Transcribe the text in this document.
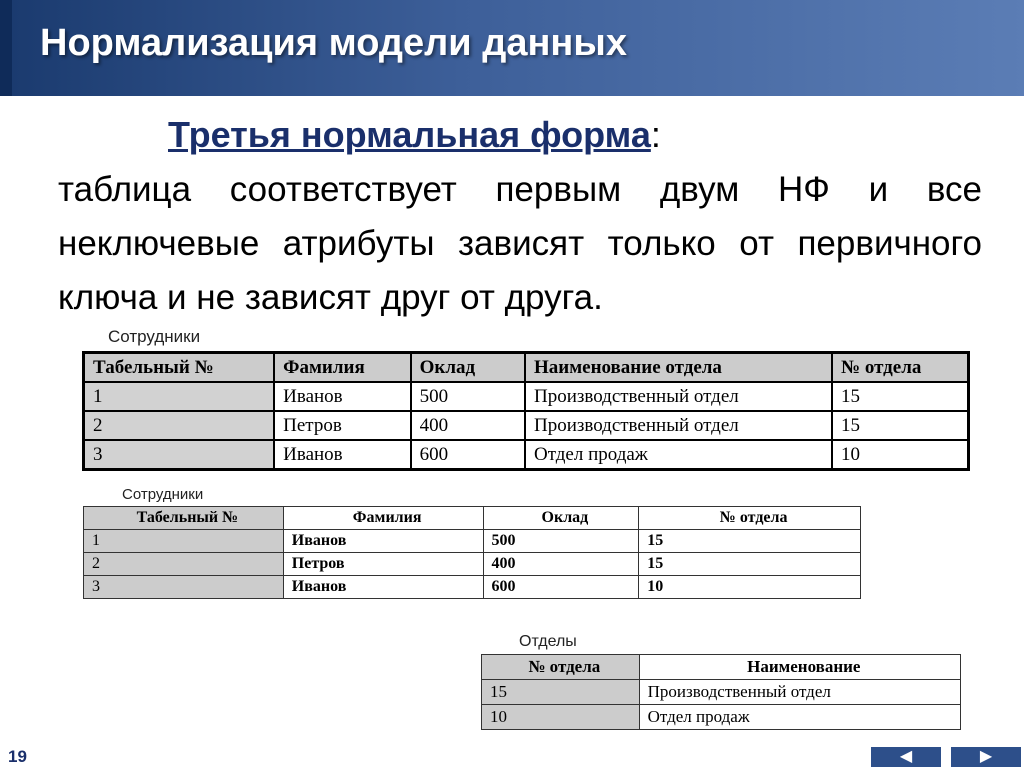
Нормализация модели данных
Третья нормальная форма:
таблица соответствует первым двум НФ и все неключевые атрибуты зависят только от первичного ключа и не зависят друг от друга.
Сотрудники
Табельный №	Фамилия	Оклад	Наименование отдела	№ отдела
1	Иванов	500	Производственный отдел	15
2	Петров	400	Производственный отдел	15
3	Иванов	600	Отдел продаж	10
Сотрудники
Табельный №	Фамилия	Оклад	№ отдела
1	Иванов	500	15
2	Петров	400	15
3	Иванов	600	10
Отделы
№ отдела	Наименование
15	Производственный отдел
10	Отдел продаж
19	◀	▶
